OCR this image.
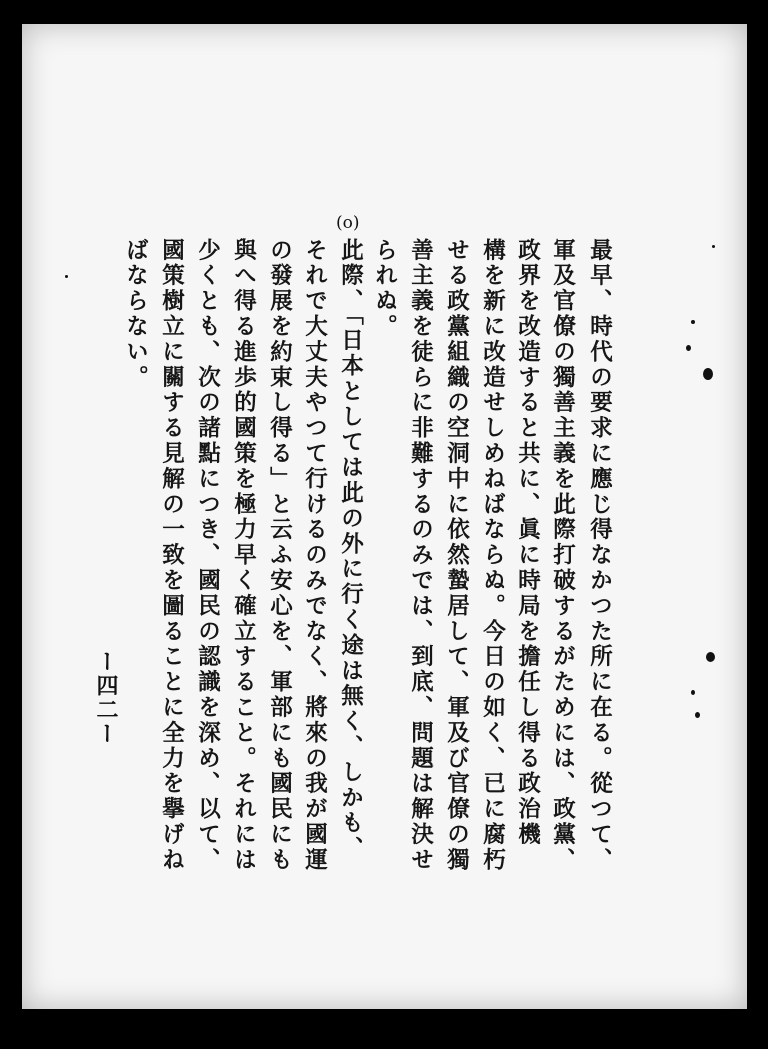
(o)
最早、時代の要求に應じ得なかつた所に在る。從つて、
軍及官僚の獨善主義を此際打破するがためには、政黨、
政界を改造すると共に、眞に時局を擔任し得る政治機
構を新に改造せしめねばならぬ。今日の如く、已に腐朽
せる政黨組織の空洞中に依然蟄居して、軍及び官僚の獨
善主義を徒らに非難するのみでは、到底、問題は解決せ
られぬ。
此際、「日本としては此の外に行く途は無く、しかも、
それで大丈夫やつて行けるのみでなく、將來の我が國運
の發展を約束し得る」と云ふ安心を、軍部にも國民にも
與へ得る進歩的國策を極力早く確立すること。それには
少くとも、次の諸點につき、國民の認識を深め、以て、
國策樹立に關する見解の一致を圖ることに全力を擧げね
ばならない。
ー四二ー
